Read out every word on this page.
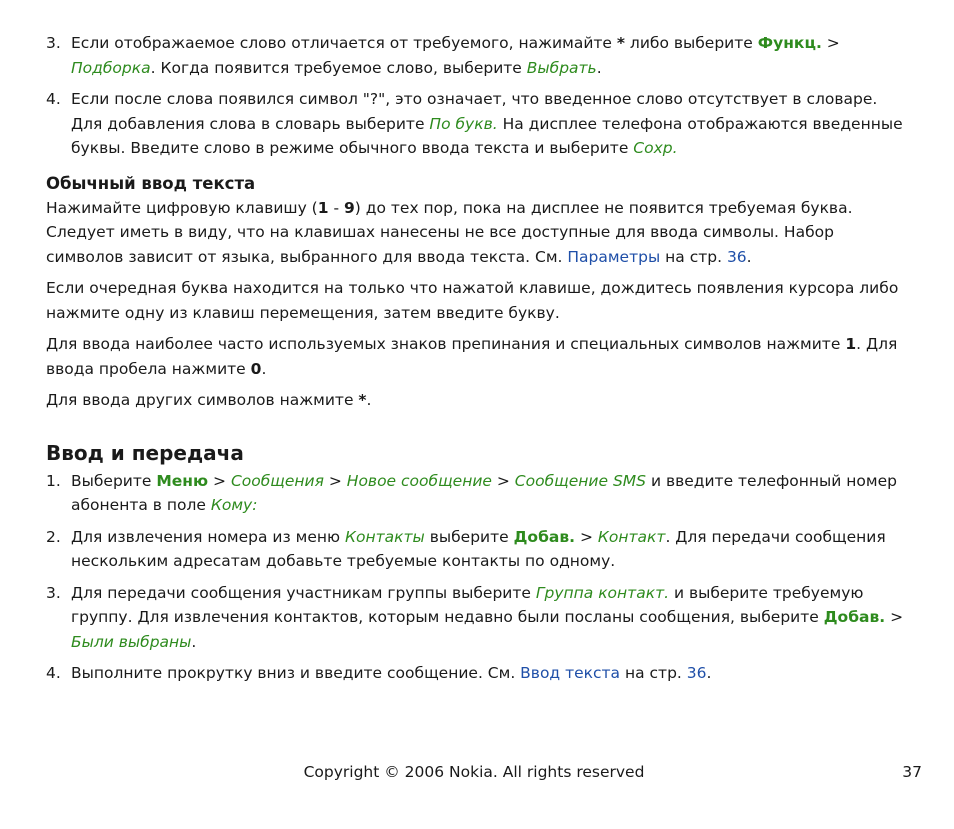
3. Если отображаемое слово отличается от требуемого, нажимайте * либо выберите Функц. > Подборка. Когда появится требуемое слово, выберите Выбрать.
4. Если после слова появился символ "?", это означает, что введенное слово отсутствует в словаре. Для добавления слова в словарь выберите По букв. На дисплее телефона отображаются введенные буквы. Введите слово в режиме обычного ввода текста и выберите Сохр.
Обычный ввод текста

Нажимайте цифровую клавишу (1 - 9) до тех пор, пока на дисплее не появится требуемая буква. Следует иметь в виду, что на клавишах нанесены не все доступные для ввода символы. Набор символов зависит от языка, выбранного для ввода текста. См. Параметры на стр. 36.

Если очередная буква находится на только что нажатой клавише, дождитесь появления курсора либо нажмите одну из клавиш перемещения, затем введите букву.

Для ввода наиболее часто используемых знаков препинания и специальных символов нажмите 1. Для ввода пробела нажмите 0.

Для ввода других символов нажмите *.

Ввод и передача
1. Выберите Меню > Сообщения > Новое сообщение > Сообщение SMS и введите телефонный номер абонента в поле Кому:
2. Для извлечения номера из меню Контакты выберите Добав. > Контакт. Для передачи сообщения нескольким адресатам добавьте требуемые контакты по одному.
3. Для передачи сообщения участникам группы выберите Группа контакт. и выберите требуемую группу. Для извлечения контактов, которым недавно были посланы сообщения, выберите Добав. > Были выбраны.
4. Выполните прокрутку вниз и введите сообщение. См. Ввод текста на стр. 36.
Copyright © 2006 Nokia. All rights reserved	37
